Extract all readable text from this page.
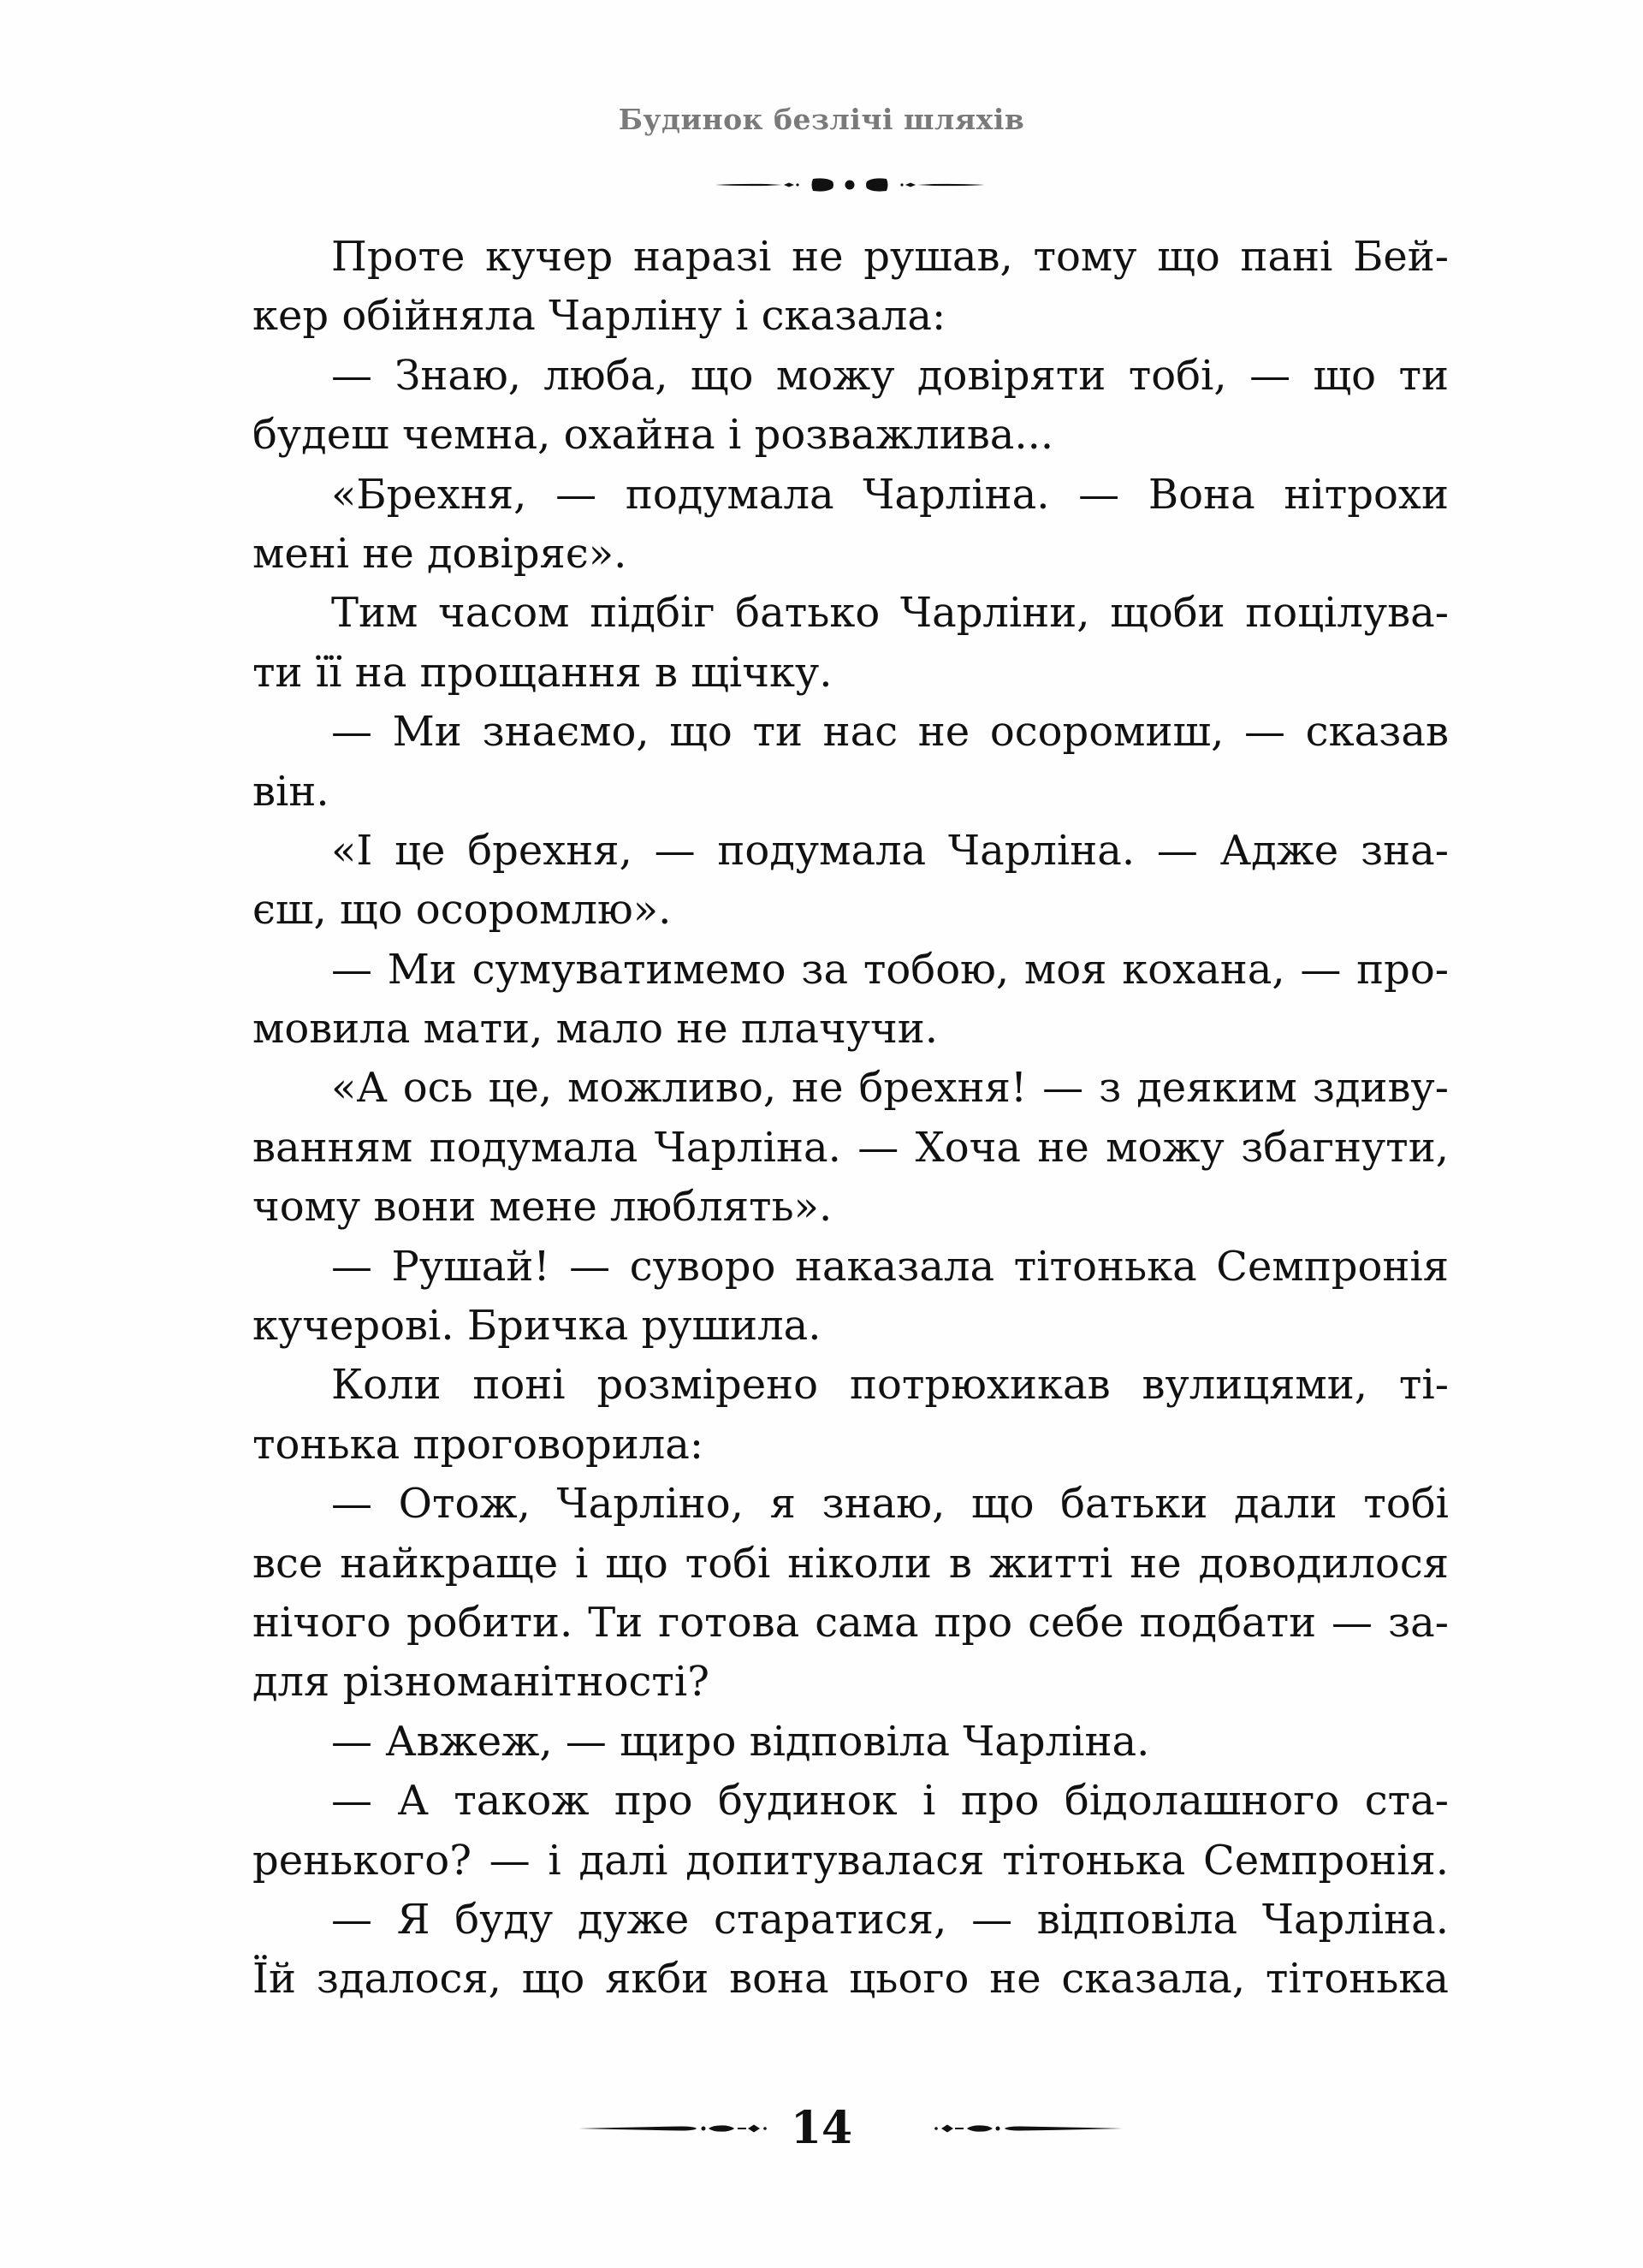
Будинок безлічі шляхів
Проте кучер наразі не рушав, тому що пані Бей-
кер обійняла Чарліну і сказала:
— Знаю, люба, що можу довіряти тобі, — що ти
будеш чемна, охайна і розважлива...
«Брехня, — подумала Чарліна. — Вона нітрохи
мені не довіряє».
Тим часом підбіг батько Чарліни, щоби поцілува-
ти її на прощання в щічку.
— Ми знаємо, що ти нас не осоромиш, — сказав
він.
«І це брехня, — подумала Чарліна. — Адже зна-
єш, що осоромлю».
— Ми сумуватимемо за тобою, моя кохана, — про-
мовила мати, мало не плачучи.
«А ось це, можливо, не брехня! — з деяким здиву-
ванням подумала Чарліна. — Хоча не можу збагнути,
чому вони мене люблять».
— Рушай! — суворо наказала тітонька Семпронія
кучерові. Бричка рушила.
Коли поні розмірено потрюхикав вулицями, ті-
тонька проговорила:
— Отож, Чарліно, я знаю, що батьки дали тобі
все найкраще і що тобі ніколи в житті не доводилося
нічого робити. Ти готова сама про себе подбати — за-
для різноманітності?
— Авжеж, — щиро відповіла Чарліна.
— А також про будинок і про бідолашного ста-
ренького? — і далі допитувалася тітонька Семпронія.
— Я буду дуже старатися, — відповіла Чарліна.
Їй здалося, що якби вона цього не сказала, тітонька
14
